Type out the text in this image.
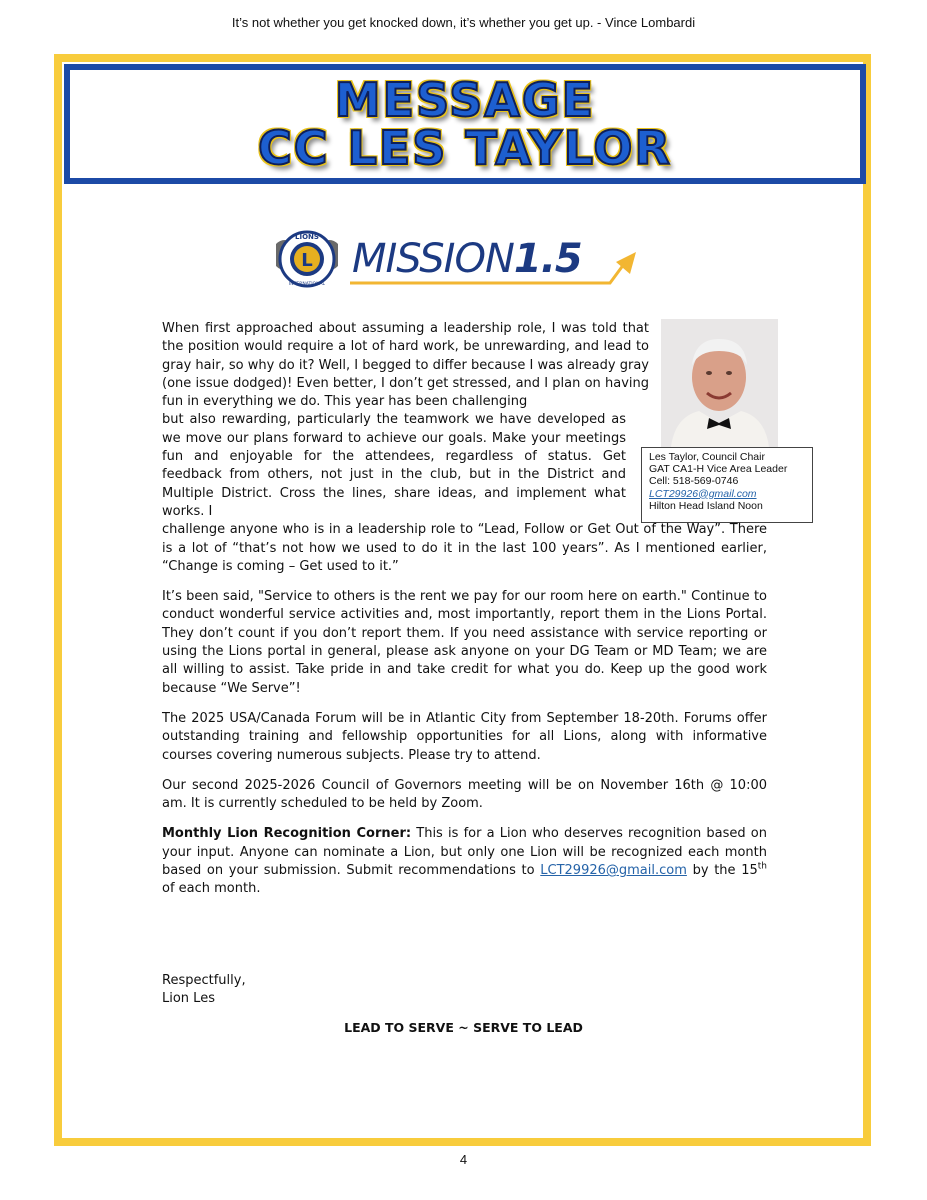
It’s not whether you get knocked down, it’s whether you get up. - Vince Lombardi
MESSAGE
CC LES TAYLOR
L
LIONS
INTERNATIONAL
MISSION1.5
Les Taylor, Council Chair
GAT CA1-H Vice Area Leader
Cell: 518-569-0746
LCT29926@gmail.com
Hilton Head Island Noon

When first approached about assuming a leadership role, I was told that the position would require a lot of hard work, be unrewarding, and lead to gray hair, so why do it? Well, I begged to differ because I was already gray (one issue dodged)! Even better, I don’t get stressed, and I plan on having fun in everything we do. This year has been challenging
but also rewarding, particularly the teamwork we have developed as we move our plans forward to achieve our goals. Make your meetings fun and enjoyable for the attendees, regardless of status. Get feedback from others, not just in the club, but in the District and Multiple District. Cross the lines, share ideas, and implement what works. I
challenge anyone who is in a leadership role to “Lead, Follow or Get Out of the Way”. There is a lot of “that’s not how we used to do it in the last 100 years”. As I mentioned earlier, “Change is coming – Get used to it.”

It’s been said, "Service to others is the rent we pay for our room here on earth." Continue to conduct wonderful service activities and, most importantly, report them in the Lions Portal. They don’t count if you don’t report them. If you need assistance with service reporting or using the Lions portal in general, please ask anyone on your DG Team or MD Team; we are all willing to assist. Take pride in and take credit for what you do. Keep up the good work because “We Serve”!

The 2025 USA/Canada Forum will be in Atlantic City from September 18-20th. Forums offer outstanding training and fellowship opportunities for all Lions, along with informative courses covering numerous subjects. Please try to attend.

Our second 2025-2026 Council of Governors meeting will be on November 16th @ 10:00 am. It is currently scheduled to be held by Zoom.

Monthly Lion Recognition Corner: This is for a Lion who deserves recognition based on your input. Anyone can nominate a Lion, but only one Lion will be recognized each month based on your submission. Submit recommendations to LCT29926@gmail.com by the 15th of each month.

Respectfully,
Lion Les
LEAD TO SERVE ~ SERVE TO LEAD
4
